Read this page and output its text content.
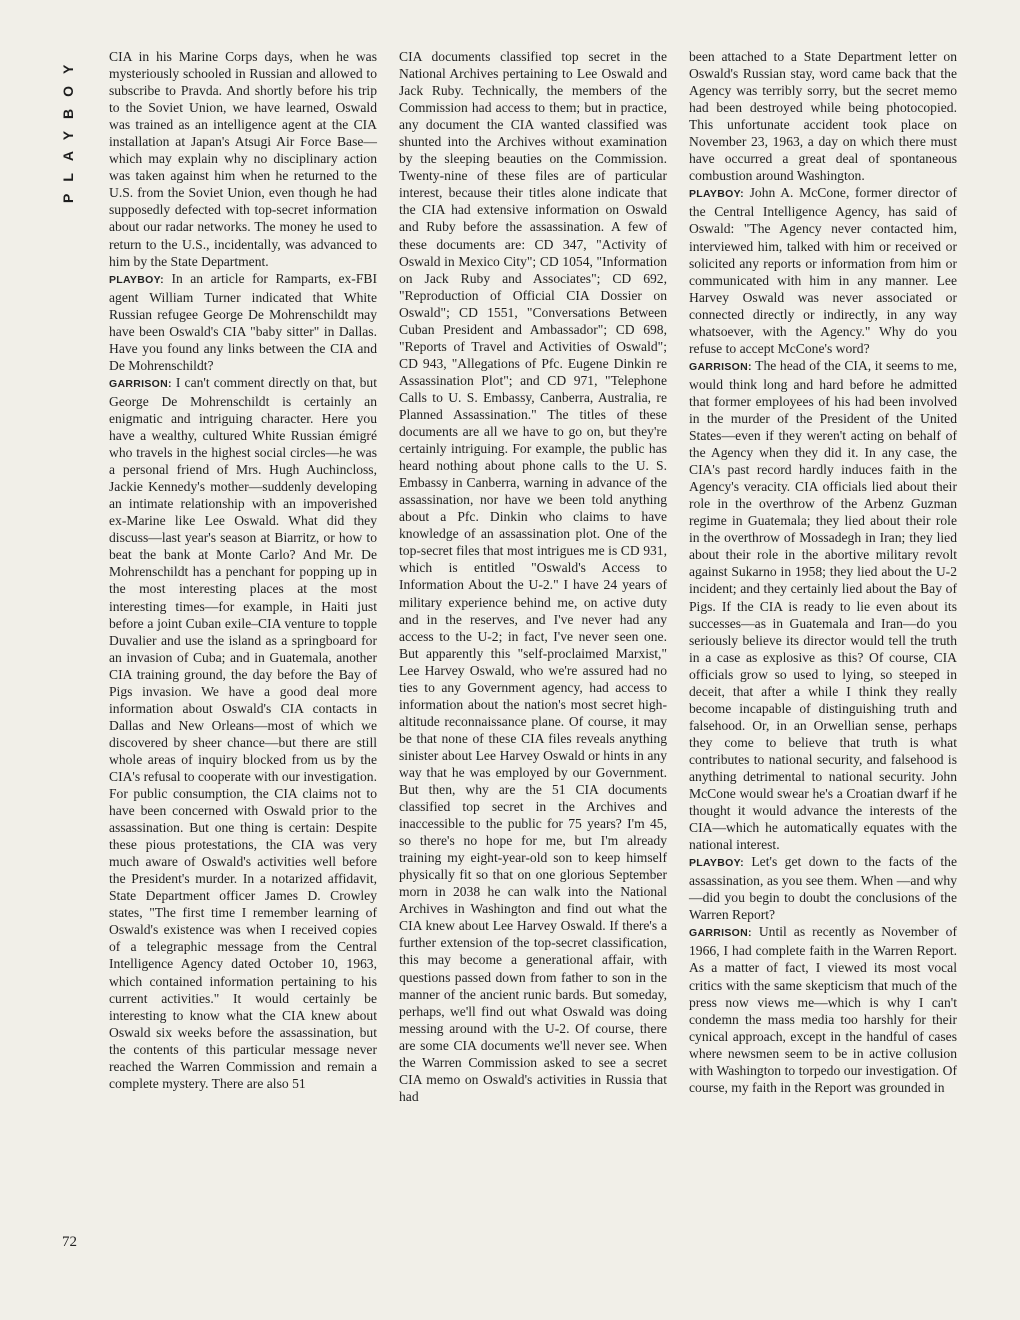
PLAYBOY	CIA in his Marine Corps days, when he was mysteriously schooled in Russian and allowed to subscribe to Pravda. And shortly before his trip to the Soviet Union, we have learned, Oswald was trained as an intelligence agent at the CIA installation at Japan's Atsugi Air Force Base—which may explain why no disciplinary action was taken against him when he returned to the U.S. from the Soviet Union, even though he had supposedly defected with top-secret information about our radar networks. The money he used to return to the U.S., incidentally, was advanced to him by the State Department.

PLAYBOY: In an article for Ramparts, ex-FBI agent William Turner indicated that White Russian refugee George De Mohrenschildt may have been Oswald's CIA "baby sitter" in Dallas. Have you found any links between the CIA and De Mohrenschildt?

GARRISON: I can't comment directly on that, but George De Mohrenschildt is certainly an enigmatic and intriguing character. Here you have a wealthy, cultured White Russian émigré who travels in the highest social circles—he was a personal friend of Mrs. Hugh Auchincloss, Jackie Kennedy's mother—suddenly developing an intimate relationship with an impoverished ex-Marine like Lee Oswald. What did they discuss—last year's season at Biarritz, or how to beat the bank at Monte Carlo? And Mr. De Mohrenschildt has a penchant for popping up in the most interesting places at the most interesting times—for example, in Haiti just before a joint Cuban exile–CIA venture to topple Duvalier and use the island as a springboard for an invasion of Cuba; and in Guatemala, another CIA training ground, the day before the Bay of Pigs invasion. We have a good deal more information about Oswald's CIA contacts in Dallas and New Orleans—most of which we discovered by sheer chance—but there are still whole areas of inquiry blocked from us by the CIA's refusal to cooperate with our investigation. For public consumption, the CIA claims not to have been concerned with Oswald prior to the assassination. But one thing is certain: Despite these pious protestations, the CIA was very much aware of Oswald's activities well before the President's murder. In a notarized affidavit, State Department officer James D. Crowley states, "The first time I remember learning of Oswald's existence was when I received copies of a telegraphic message from the Central Intelligence Agency dated October 10, 1963, which contained information pertaining to his current activities." It would certainly be interesting to know what the CIA knew about Oswald six weeks before the assassination, but the contents of this particular message never reached the Warren Commission and remain a complete mystery. There are also 51

CIA documents classified top secret in the National Archives pertaining to Lee Oswald and Jack Ruby. Technically, the members of the Commission had access to them; but in practice, any document the CIA wanted classified was shunted into the Archives without examination by the sleeping beauties on the Commission. Twenty-nine of these files are of particular interest, because their titles alone indicate that the CIA had extensive information on Oswald and Ruby before the assassination. A few of these documents are: CD 347, "Activity of Oswald in Mexico City"; CD 1054, "Information on Jack Ruby and Associates"; CD 692, "Reproduction of Official CIA Dossier on Oswald"; CD 1551, "Conversations Between Cuban President and Ambassador"; CD 698, "Reports of Travel and Activities of Oswald"; CD 943, "Allegations of Pfc. Eugene Dinkin re Assassination Plot"; and CD 971, "Telephone Calls to U. S. Embassy, Canberra, Australia, re Planned Assassination." The titles of these documents are all we have to go on, but they're certainly intriguing. For example, the public has heard nothing about phone calls to the U. S. Embassy in Canberra, warning in advance of the assassination, nor have we been told anything about a Pfc. Dinkin who claims to have knowledge of an assassination plot. One of the top-secret files that most intrigues me is CD 931, which is entitled "Oswald's Access to Information About the U-2." I have 24 years of military experience behind me, on active duty and in the reserves, and I've never had any access to the U-2; in fact, I've never seen one. But apparently this "self-proclaimed Marxist," Lee Harvey Oswald, who we're assured had no ties to any Government agency, had access to information about the nation's most secret high-altitude reconnaissance plane. Of course, it may be that none of these CIA files reveals anything sinister about Lee Harvey Oswald or hints in any way that he was employed by our Government. But then, why are the 51 CIA documents classified top secret in the Archives and inaccessible to the public for 75 years? I'm 45, so there's no hope for me, but I'm already training my eight-year-old son to keep himself physically fit so that on one glorious September morn in 2038 he can walk into the National Archives in Washington and find out what the CIA knew about Lee Harvey Oswald. If there's a further extension of the top-secret classification, this may become a generational affair, with questions passed down from father to son in the manner of the ancient runic bards. But someday, perhaps, we'll find out what Oswald was doing messing around with the U-2. Of course, there are some CIA documents we'll never see. When the Warren Commission asked to see a secret CIA memo on Oswald's activities in Russia that had

been attached to a State Department letter on Oswald's Russian stay, word came back that the Agency was terribly sorry, but the secret memo had been destroyed while being photocopied. This unfortunate accident took place on November 23, 1963, a day on which there must have occurred a great deal of spontaneous combustion around Washington.

PLAYBOY: John A. McCone, former director of the Central Intelligence Agency, has said of Oswald: "The Agency never contacted him, interviewed him, talked with him or received or solicited any reports or information from him or communicated with him in any manner. Lee Harvey Oswald was never associated or connected directly or indirectly, in any way whatsoever, with the Agency." Why do you refuse to accept McCone's word?

GARRISON: The head of the CIA, it seems to me, would think long and hard before he admitted that former employees of his had been involved in the murder of the President of the United States—even if they weren't acting on behalf of the Agency when they did it. In any case, the CIA's past record hardly induces faith in the Agency's veracity. CIA officials lied about their role in the overthrow of the Arbenz Guzman regime in Guatemala; they lied about their role in the overthrow of Mossadegh in Iran; they lied about their role in the abortive military revolt against Sukarno in 1958; they lied about the U-2 incident; and they certainly lied about the Bay of Pigs. If the CIA is ready to lie even about its successes—as in Guatemala and Iran—do you seriously believe its director would tell the truth in a case as explosive as this? Of course, CIA officials grow so used to lying, so steeped in deceit, that after a while I think they really become incapable of distinguishing truth and falsehood. Or, in an Orwellian sense, perhaps they come to believe that truth is what contributes to national security, and falsehood is anything detrimental to national security. John McCone would swear he's a Croatian dwarf if he thought it would advance the interests of the CIA—which he automatically equates with the national interest.

PLAYBOY: Let's get down to the facts of the assassination, as you see them. When —and why—did you begin to doubt the conclusions of the Warren Report?

GARRISON: Until as recently as November of 1966, I had complete faith in the Warren Report. As a matter of fact, I viewed its most vocal critics with the same skepticism that much of the press now views me—which is why I can't condemn the mass media too harshly for their cynical approach, except in the handful of cases where newsmen seem to be in active collusion with Washington to torpedo our investigation. Of course, my faith in the Report was grounded in

72
